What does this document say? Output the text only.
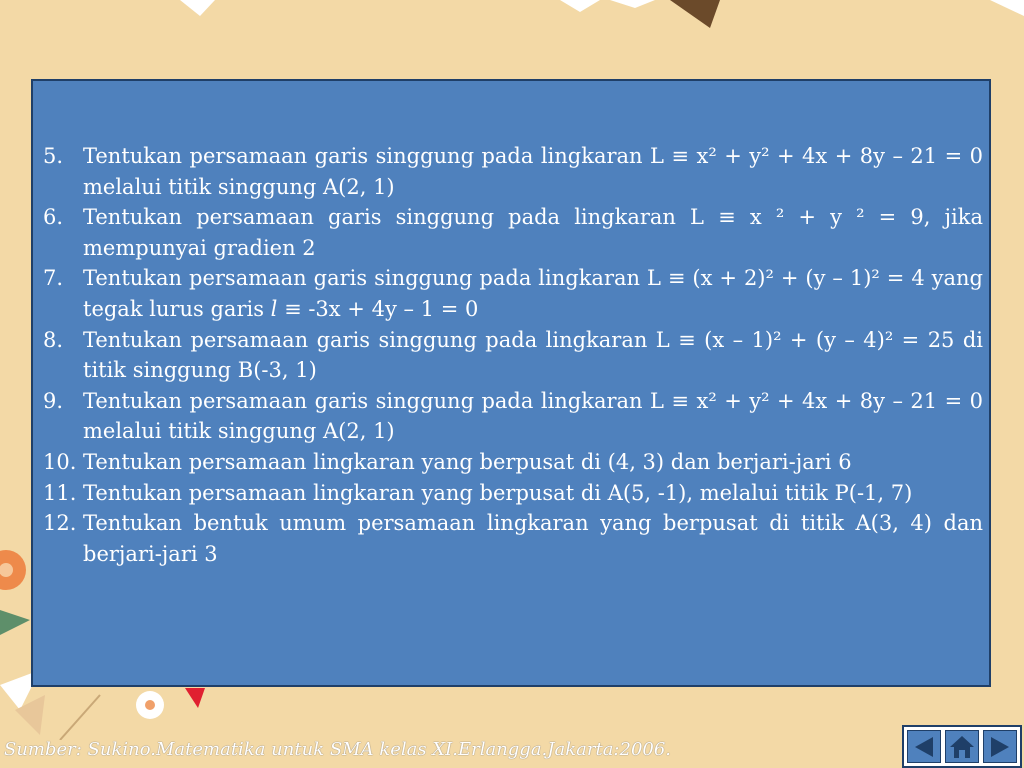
5. Tentukan persamaan garis singgung pada lingkaran L ≡ x² + y² + 4x + 8y – 21 = 0 melalui titik singgung A(2, 1)
6. Tentukan persamaan garis singgung pada lingkaran L ≡ x ² + y ² = 9, jika mempunyai gradien 2
7. Tentukan persamaan garis singgung pada lingkaran L ≡ (x + 2)² + (y – 1)² = 4 yang tegak lurus garis l ≡ -3x + 4y – 1 = 0
8. Tentukan persamaan garis singgung pada lingkaran L ≡ (x – 1)² + (y – 4)² = 25 di titik singgung B(-3, 1)
9. Tentukan persamaan garis singgung pada lingkaran L ≡ x² + y² + 4x + 8y – 21 = 0 melalui titik singgung A(2, 1)
10. Tentukan persamaan lingkaran yang berpusat di (4, 3) dan berjari-jari 6
11. Tentukan persamaan lingkaran yang berpusat di A(5, -1), melalui titik P(-1, 7)
12. Tentukan bentuk umum persamaan lingkaran yang berpusat di titik A(3, 4) dan berjari-jari 3
Sumber: Sukino.Matematika untuk SMA kelas XI.Erlangga.Jakarta:2006.
